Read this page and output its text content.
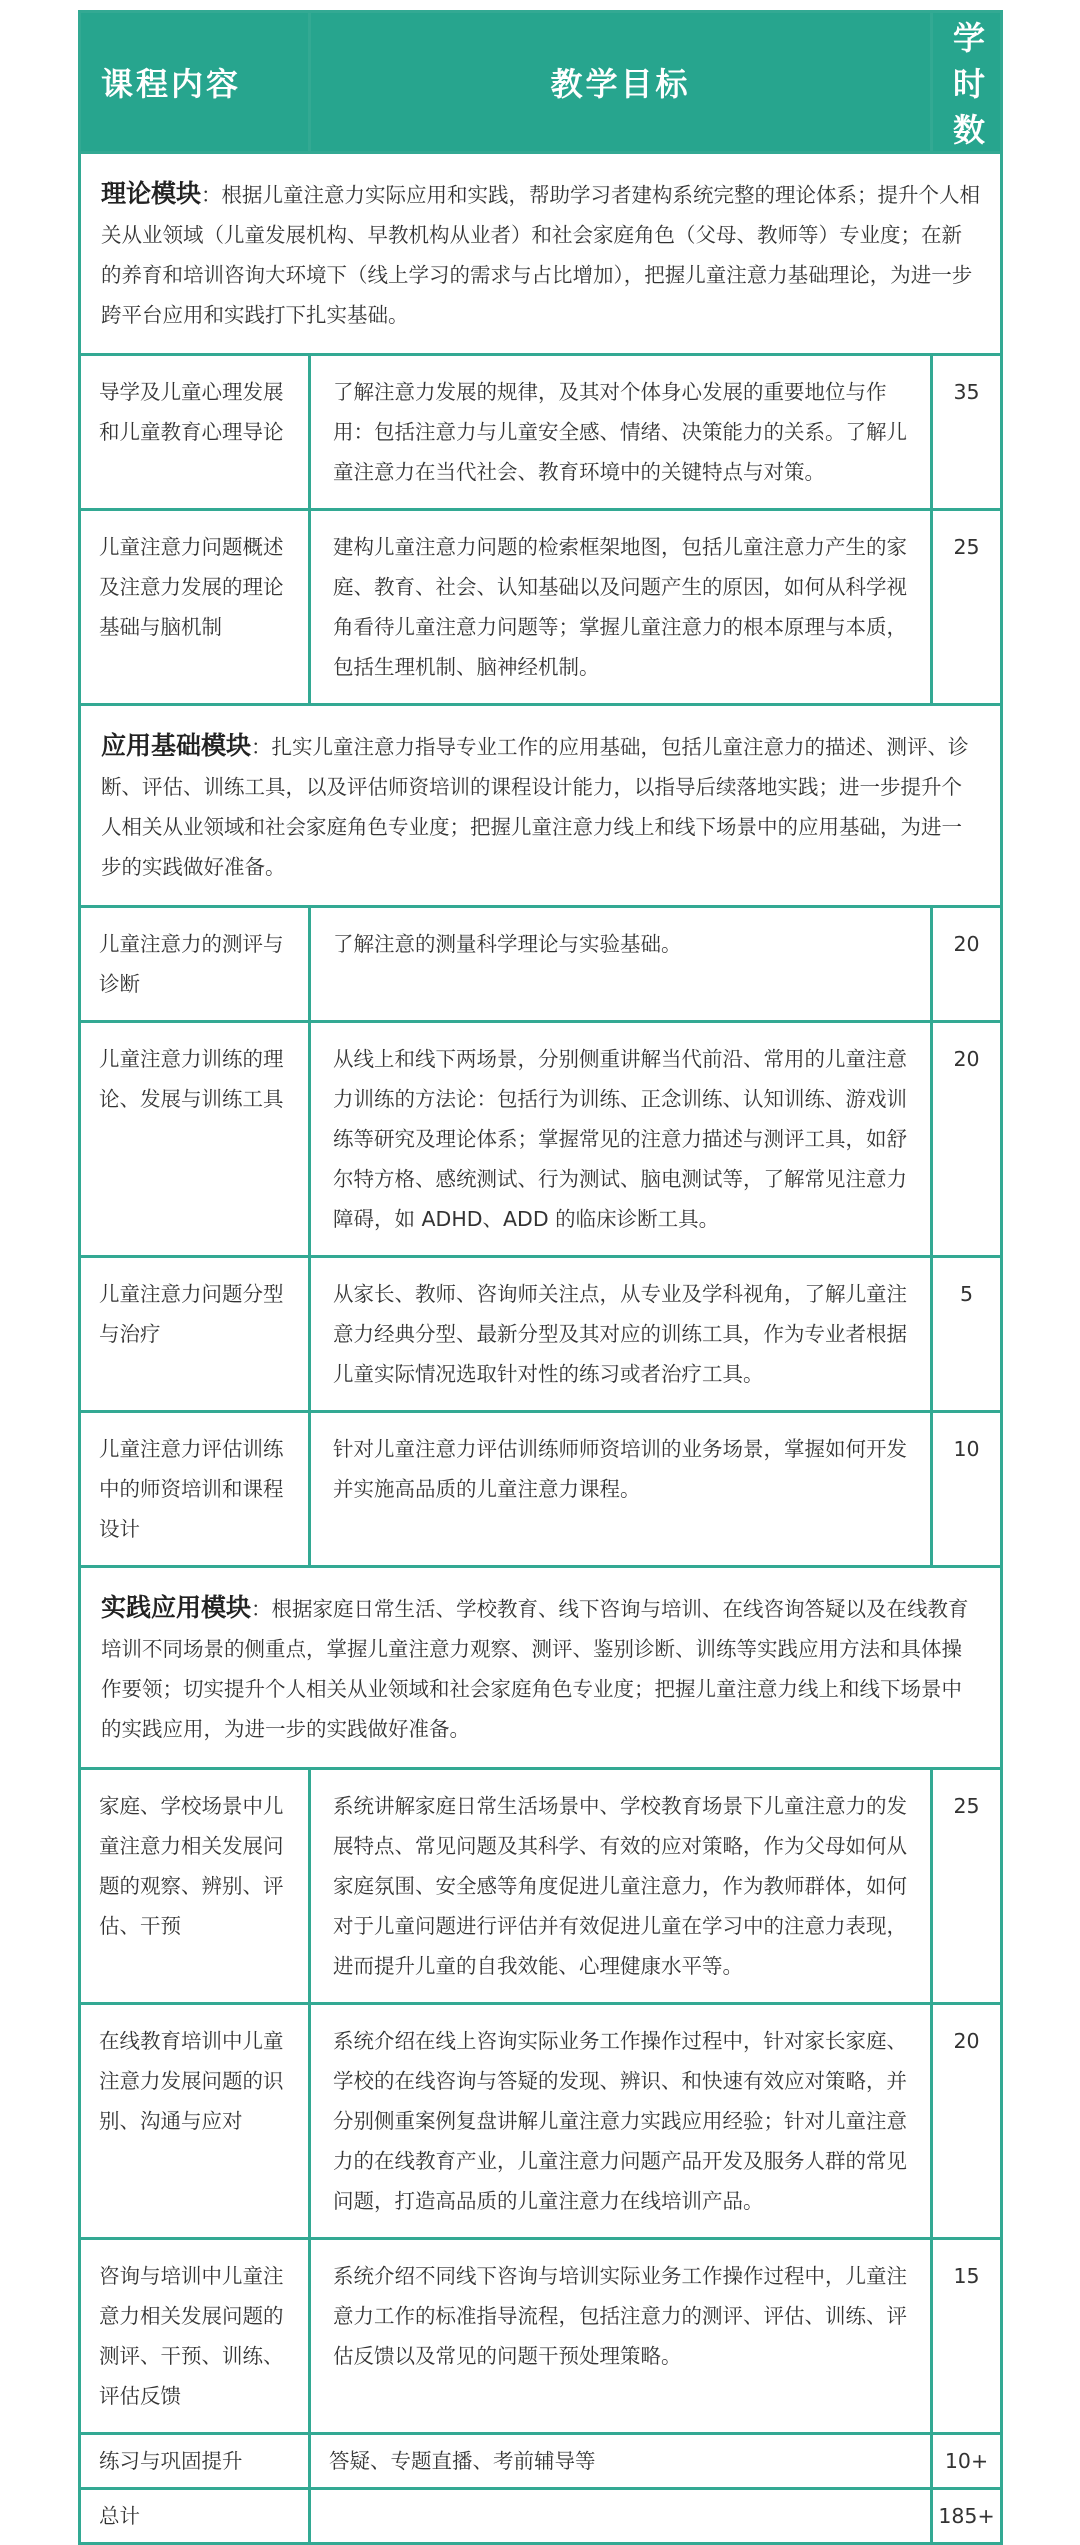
课程内容	教学目标	学时数
理论模块：根据儿童注意力实际应用和实践，帮助学习者建构系统完整的理论体系；提升个人相关从业领域（儿童发展机构、早教机构从业者）和社会家庭角色（父母、教师等）专业度；在新的养育和培训咨询大环境下（线上学习的需求与占比增加），把握儿童注意力基础理论，为进一步跨平台应用和实践打下扎实基础。		
导学及儿童心理发展和儿童教育心理导论	了解注意力发展的规律，及其对个体身心发展的重要地位与作用：包括注意力与儿童安全感、情绪、决策能力的关系。了解儿童注意力在当代社会、教育环境中的关键特点与对策。	35
儿童注意力问题概述及注意力发展的理论基础与脑机制	建构儿童注意力问题的检索框架地图，包括儿童注意力产生的家庭、教育、社会、认知基础以及问题产生的原因，如何从科学视角看待儿童注意力问题等；掌握儿童注意力的根本原理与本质，包括生理机制、脑神经机制。	25
应用基础模块：扎实儿童注意力指导专业工作的应用基础，包括儿童注意力的描述、测评、诊断、评估、训练工具，以及评估师资培训的课程设计能力，以指导后续落地实践；进一步提升个人相关从业领域和社会家庭角色专业度；把握儿童注意力线上和线下场景中的应用基础，为进一步的实践做好准备。		
儿童注意力的测评与诊断	了解注意的测量科学理论与实验基础。	20
儿童注意力训练的理论、发展与训练工具	从线上和线下两场景，分别侧重讲解当代前沿、常用的儿童注意力训练的方法论：包括行为训练、正念训练、认知训练、游戏训练等研究及理论体系；掌握常见的注意力描述与测评工具，如舒尔特方格、感统测试、行为测试、脑电测试等，了解常见注意力障碍，如 ADHD、ADD 的临床诊断工具。	20
儿童注意力问题分型与治疗	从家长、教师、咨询师关注点，从专业及学科视角，了解儿童注意力经典分型、最新分型及其对应的训练工具，作为专业者根据儿童实际情况选取针对性的练习或者治疗工具。	5
儿童注意力评估训练中的师资培训和课程设计	针对儿童注意力评估训练师师资培训的业务场景，掌握如何开发并实施高品质的儿童注意力课程。	10
实践应用模块：根据家庭日常生活、学校教育、线下咨询与培训、在线咨询答疑以及在线教育培训不同场景的侧重点，掌握儿童注意力观察、测评、鉴别诊断、训练等实践应用方法和具体操作要领；切实提升个人相关从业领域和社会家庭角色专业度；把握儿童注意力线上和线下场景中的实践应用，为进一步的实践做好准备。		
家庭、学校场景中儿童注意力相关发展问题的观察、辨别、评估、干预	系统讲解家庭日常生活场景中、学校教育场景下儿童注意力的发展特点、常见问题及其科学、有效的应对策略，作为父母如何从家庭氛围、安全感等角度促进儿童注意力，作为教师群体，如何对于儿童问题进行评估并有效促进儿童在学习中的注意力表现，进而提升儿童的自我效能、心理健康水平等。	25
在线教育培训中儿童注意力发展问题的识别、沟通与应对	系统介绍在线上咨询实际业务工作操作过程中，针对家长家庭、学校的在线咨询与答疑的发现、辨识、和快速有效应对策略，并分别侧重案例复盘讲解儿童注意力实践应用经验；针对儿童注意力的在线教育产业，儿童注意力问题产品开发及服务人群的常见问题，打造高品质的儿童注意力在线培训产品。	20
咨询与培训中儿童注意力相关发展问题的测评、干预、训练、评估反馈	系统介绍不同线下咨询与培训实际业务工作操作过程中，儿童注意力工作的标准指导流程，包括注意力的测评、评估、训练、评估反馈以及常见的问题干预处理策略。	15
练习与巩固提升	答疑、专题直播、考前辅导等	10+
总计		185+
